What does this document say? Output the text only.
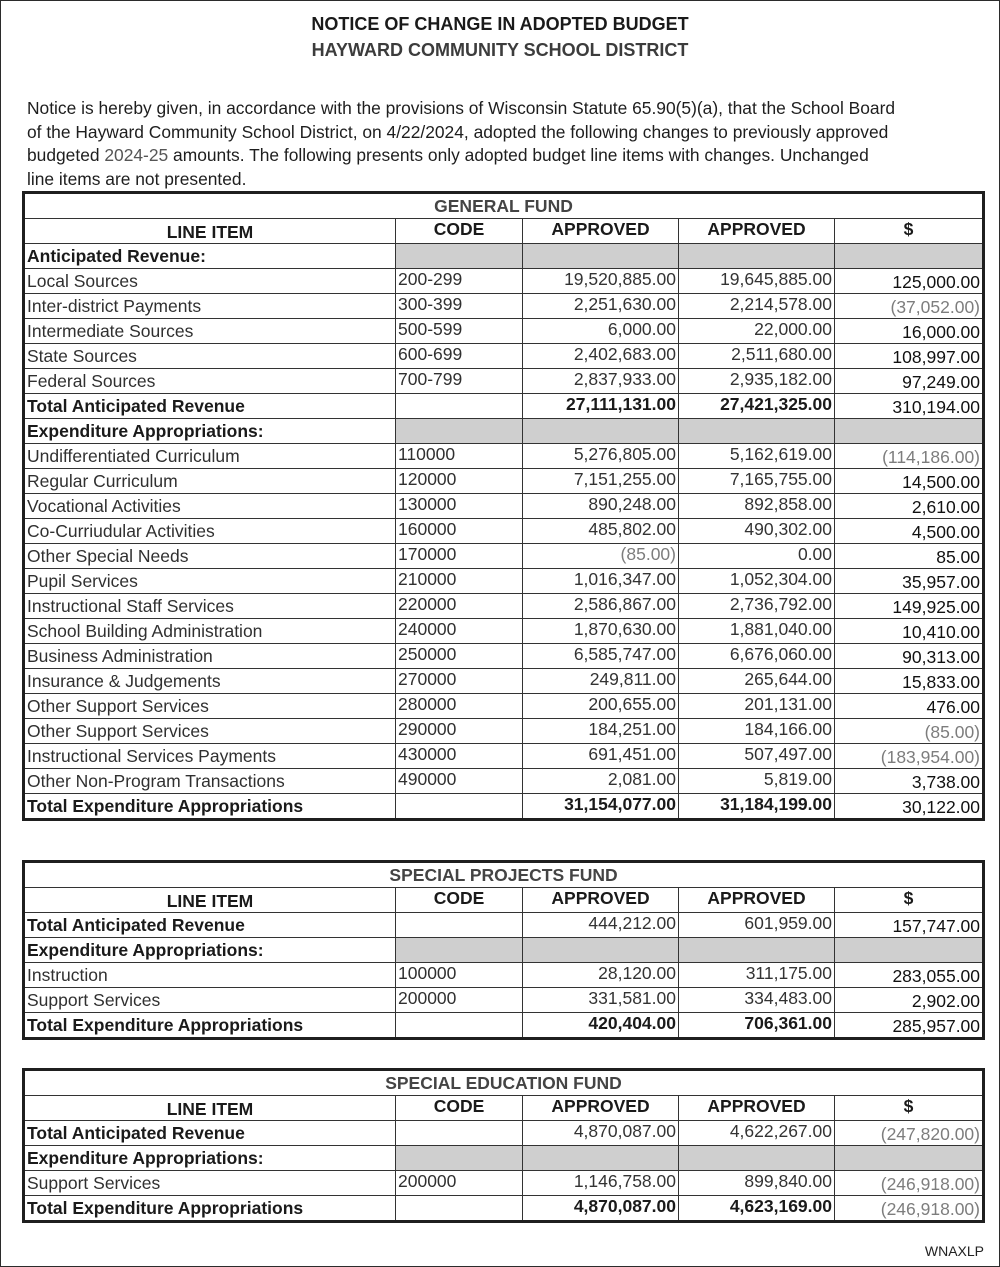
NOTICE OF CHANGE IN ADOPTED BUDGET
HAYWARD COMMUNITY SCHOOL DISTRICT
Notice is hereby given, in accordance with the provisions of Wisconsin Statute 65.90(5)(a), that the School Board
of the Hayward Community School District, on 4/22/2024, adopted the following changes to previously approved
budgeted 2024-25 amounts. The following presents only adopted budget line items with changes. Unchanged
line items are not presented.
GENERAL FUND				
LINE ITEM	CODE	APPROVED	APPROVED	$
Anticipated Revenue:				
Local Sources	200-299	19,520,885.00	19,645,885.00	125,000.00
Inter-district Payments	300-399	2,251,630.00	2,214,578.00	(37,052.00)
Intermediate Sources	500-599	6,000.00	22,000.00	16,000.00
State Sources	600-699	2,402,683.00	2,511,680.00	108,997.00
Federal Sources	700-799	2,837,933.00	2,935,182.00	97,249.00
Total Anticipated Revenue		27,111,131.00	27,421,325.00	310,194.00
Expenditure Appropriations:				
Undifferentiated Curriculum	110000	5,276,805.00	5,162,619.00	(114,186.00)
Regular Curriculum	120000	7,151,255.00	7,165,755.00	14,500.00
Vocational Activities	130000	890,248.00	892,858.00	2,610.00
Co-Curriudular Activities	160000	485,802.00	490,302.00	4,500.00
Other Special Needs	170000	(85.00)	0.00	85.00
Pupil Services	210000	1,016,347.00	1,052,304.00	35,957.00
Instructional Staff Services	220000	2,586,867.00	2,736,792.00	149,925.00
School Building Administration	240000	1,870,630.00	1,881,040.00	10,410.00
Business Administration	250000	6,585,747.00	6,676,060.00	90,313.00
Insurance & Judgements	270000	249,811.00	265,644.00	15,833.00
Other Support Services	280000	200,655.00	201,131.00	476.00
Other Support Services	290000	184,251.00	184,166.00	(85.00)
Instructional Services Payments	430000	691,451.00	507,497.00	(183,954.00)
Other Non-Program Transactions	490000	2,081.00	5,819.00	3,738.00
Total Expenditure Appropriations		31,154,077.00	31,184,199.00	30,122.00
SPECIAL PROJECTS FUND				
LINE ITEM	CODE	APPROVED	APPROVED	$
Total Anticipated Revenue		444,212.00	601,959.00	157,747.00
Expenditure Appropriations:				
Instruction	100000	28,120.00	311,175.00	283,055.00
Support Services	200000	331,581.00	334,483.00	2,902.00
Total Expenditure Appropriations		420,404.00	706,361.00	285,957.00
SPECIAL EDUCATION FUND				
LINE ITEM	CODE	APPROVED	APPROVED	$
Total Anticipated Revenue		4,870,087.00	4,622,267.00	(247,820.00)
Expenditure Appropriations:				
Support Services	200000	1,146,758.00	899,840.00	(246,918.00)
Total Expenditure Appropriations		4,870,087.00	4,623,169.00	(246,918.00)
WNAXLP
